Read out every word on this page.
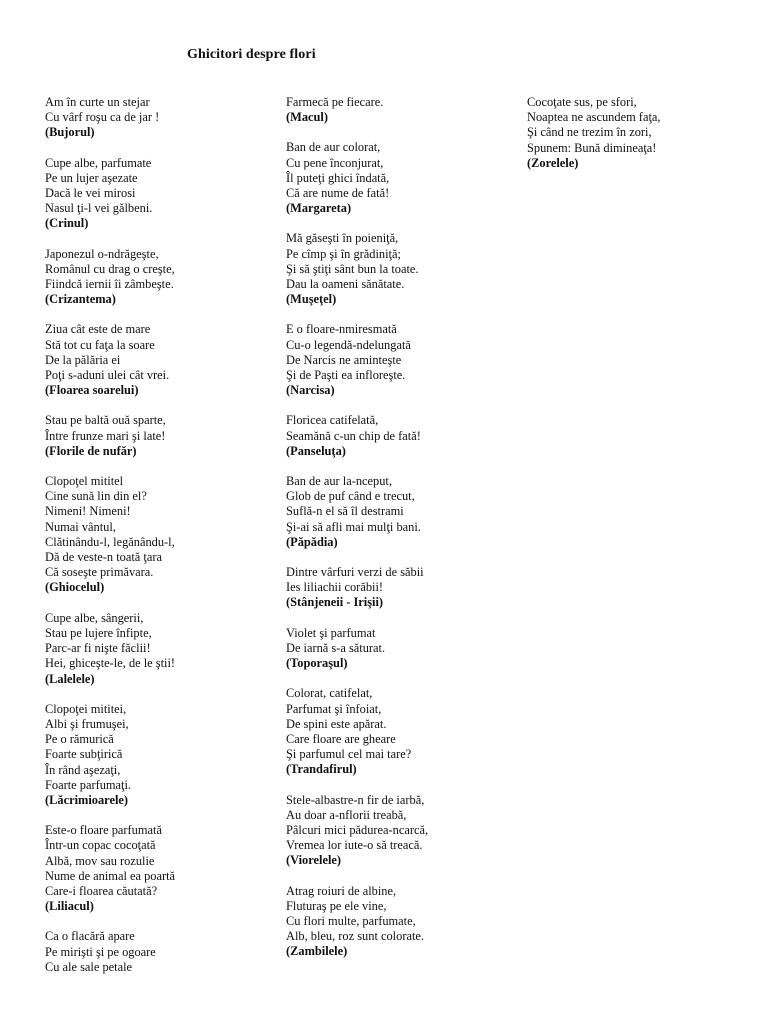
Ghicitori despre flori
Am în curte un stejar
Cu vârf roşu ca de jar !
(Bujorul)
Cupe albe, parfumate
Pe un lujer aşezate
Dacă le vei mirosi
Nasul ţi-l vei gălbeni.
(Crinul)
Japonezul o-ndrăgeşte,
Românul cu drag o creşte,
Fiindcă iernii îi zâmbeşte.
(Crizantema)
Ziua cât este de mare
Stă tot cu faţa la soare
De la pălăria ei
Poţi s-aduni ulei cât vrei.
(Floarea soarelui)
Stau pe baltă ouă sparte,
Între frunze mari şi late!
(Florile de nufăr)
Clopoţel mititel
Cine sună lin din el?
Nimeni! Nimeni!
Numai vântul,
Clătinându-l, legănându-l,
Dă de veste-n toată ţara
Că soseşte primăvara.
(Ghiocelul)
Cupe albe, sângerii,
Stau pe lujere înfipte,
Parc-ar fi nişte făclii!
Hei, ghiceşte-le, de le ştii!
(Lalelele)
Clopoţei mititei,
Albi şi frumuşei,
Pe o rămurică
Foarte subţirică
În rând aşezaţi,
Foarte parfumaţi.
(Lăcrimioarele)
Este-o floare parfumată
Într-un copac cocoţată
Albă, mov sau rozulie
Nume de animal ea poartă
Care-i floarea căutată?
(Liliacul)
Ca o flacără apare
Pe mirişti şi pe ogoare
Cu ale sale petale
Farmecă pe fiecare.
(Macul)
Ban de aur colorat,
Cu pene înconjurat,
Îl puteţi ghici îndată,
Că are nume de fată!
(Margareta)
Mă găseşti în poieniţă,
Pe cîmp şi în grădiniţă;
Şi să ştiţi sânt bun la toate.
Dau la oameni sănătate.
(Muşeţel)
E o floare-nmiresmată
Cu-o legendă-ndelungată
De Narcis ne aminteşte
Şi de Paşti ea infloreşte.
(Narcisa)
Floricea catifelată,
Seamănă c-un chip de fată!
(Panseluţa)
Ban de aur la-nceput,
Glob de puf când e trecut,
Suflă-n el să îl destrami
Şi-ai să afli mai mulţi bani.
(Păpădia)
Dintre vârfuri verzi de săbii
Ies liliachii corăbii!
(Stânjeneii - Irişii)
Violet şi parfumat
De iarnă s-a săturat.
(Toporaşul)
Colorat, catifelat,
Parfumat şi înfoiat,
De spini este apărat.
Care floare are gheare
Şi parfumul cel mai tare?
(Trandafirul)
Stele-albastre-n fir de iarbă,
Au doar a-nflorii treabă,
Pâlcuri mici pădurea-ncarcă,
Vremea lor iute-o să treacă.
(Viorelele)
Atrag roiuri de albine,
Fluturaş pe ele vine,
Cu flori multe, parfumate,
Alb, bleu, roz sunt colorate.
(Zambilele)
Cocoţate sus, pe sfori,
Noaptea ne ascundem faţa,
Şi când ne trezim în zori,
Spunem: Bună dimineaţa!
(Zorelele)
